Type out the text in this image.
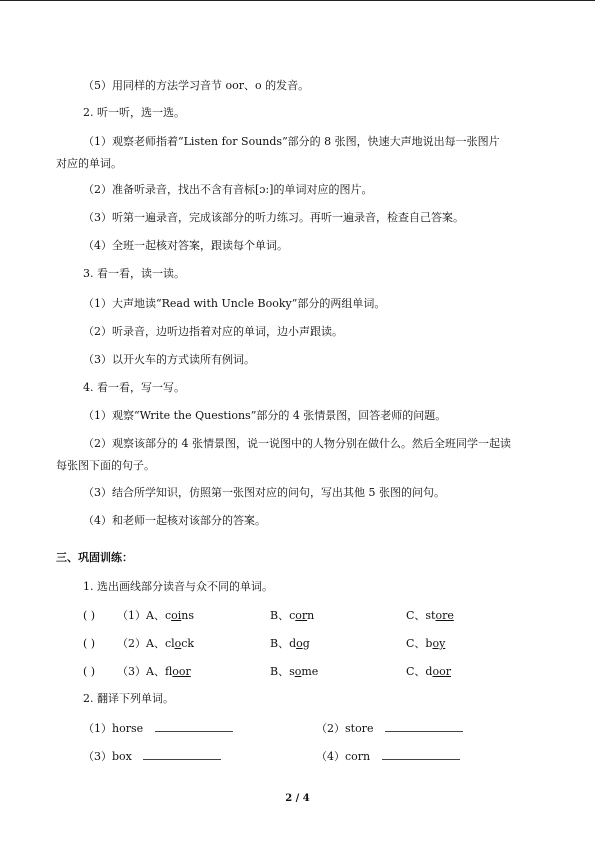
（5）用同样的方法学习音节 oor、o 的发音。
2. 听一听，选一选。
（1）观察老师指着“Listen for Sounds”部分的 8 张图，快速大声地说出每一张图片
对应的单词。
（2）准备听录音，找出不含有音标[ɔ:]的单词对应的图片。
（3）听第一遍录音，完成该部分的听力练习。再听一遍录音，检查自己答案。
（4）全班一起核对答案，跟读每个单词。
3. 看一看，读一读。
（1）大声地读“Read with Uncle Booky”部分的两组单词。
（2）听录音，边听边指着对应的单词，边小声跟读。
（3）以开火车的方式读所有例词。
4. 看一看，写一写。
（1）观察“Write the Questions”部分的 4 张情景图，回答老师的问题。
（2）观察该部分的 4 张情景图，说一说图中的人物分别在做什么。然后全班同学一起读
每张图下面的句子。
（3）结合所学知识，仿照第一张图对应的问句，写出其他 5 张图的问句。
（4）和老师一起核对该部分的答案。
三、巩固训练：
1. 选出画线部分读音与众不同的单词。
( ) （1）A、coins	B、corn	C、store
( ) （2）A、clock	B、dog	C、boy
( ) （3）A、floor	B、some	C、door
2. 翻译下列单词。
（1）horse	（2）store
（3）box	（4）corn
2 / 4
